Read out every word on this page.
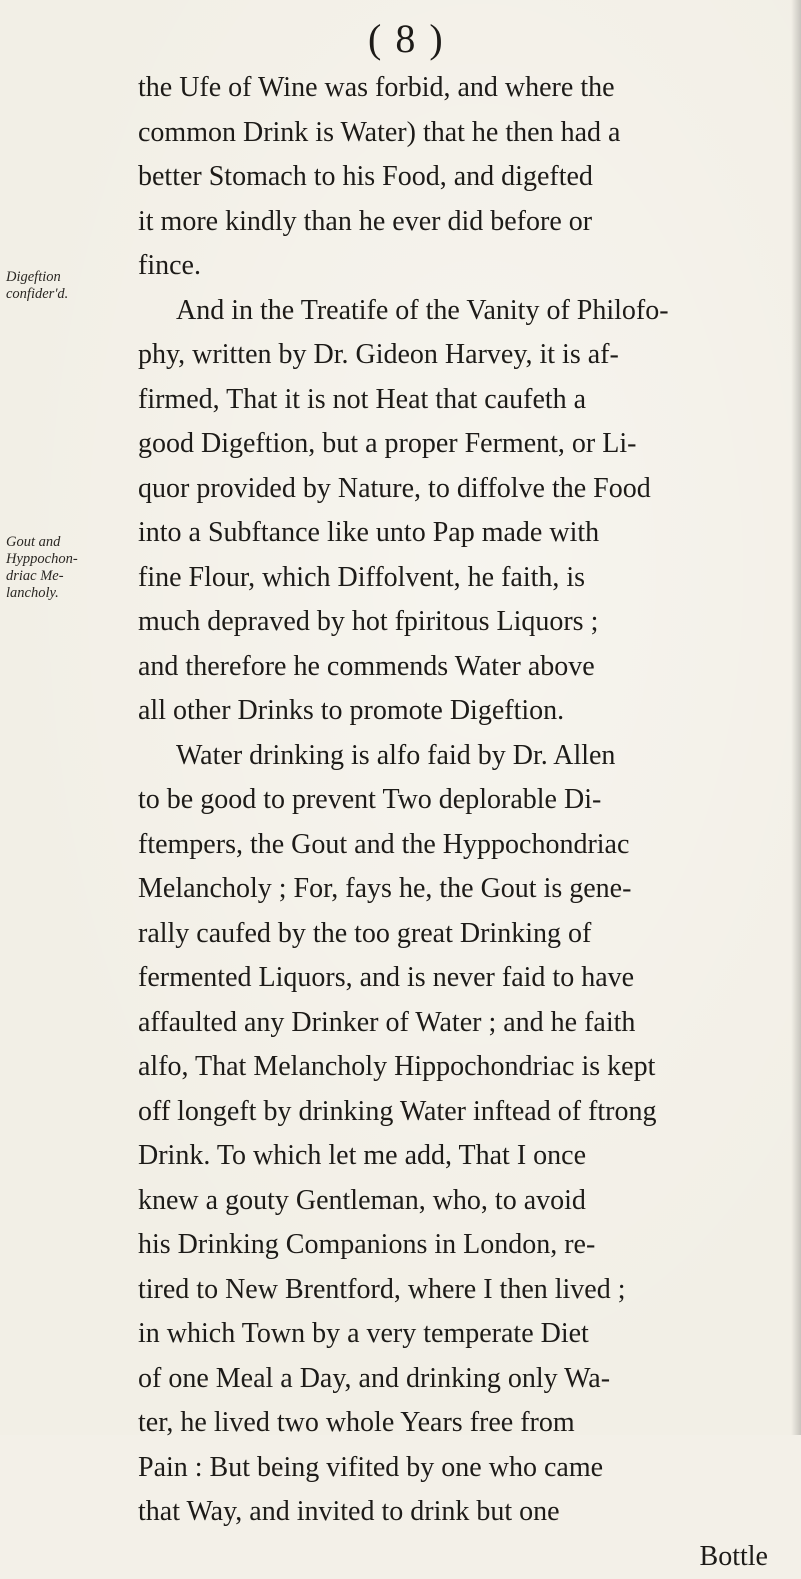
( 8 )
Digeftion
confider'd.
Gout and
Hyppochon-
driac Me-
lancholy.
the Ufe of Wine was forbid, and where the
common Drink is Water) that he then had a
better Stomach to his Food, and digefted
it more kindly than he ever did before or
fince.
And in the Treatife of the Vanity of Philofo-
phy, written by Dr. Gideon Harvey, it is af-
firmed, That it is not Heat that caufeth a
good Digeftion, but a proper Ferment, or Li-
quor provided by Nature, to diffolve the Food
into a Subftance like unto Pap made with
fine Flour, which Diffolvent, he faith, is
much depraved by hot fpiritous Liquors ;
and therefore he commends Water above
all other Drinks to promote Digeftion.
Water drinking is alfo faid by Dr. Allen
to be good to prevent Two deplorable Di-
ftempers, the Gout and the Hyppochondriac
Melancholy ; For, fays he, the Gout is gene-
rally caufed by the too great Drinking of
fermented Liquors, and is never faid to have
affaulted any Drinker of Water ; and he faith
alfo, That Melancholy Hippochondriac is kept
off longeft by drinking Water inftead of ftrong
Drink. To which let me add, That I once
knew a gouty Gentleman, who, to avoid
his Drinking Companions in London, re-
tired to New Brentford, where I then lived ;
in which Town by a very temperate Diet
of one Meal a Day, and drinking only Wa-
ter, he lived two whole Years free from
Pain : But being vifited by one who came
that Way, and invited to drink but one
Bottle
